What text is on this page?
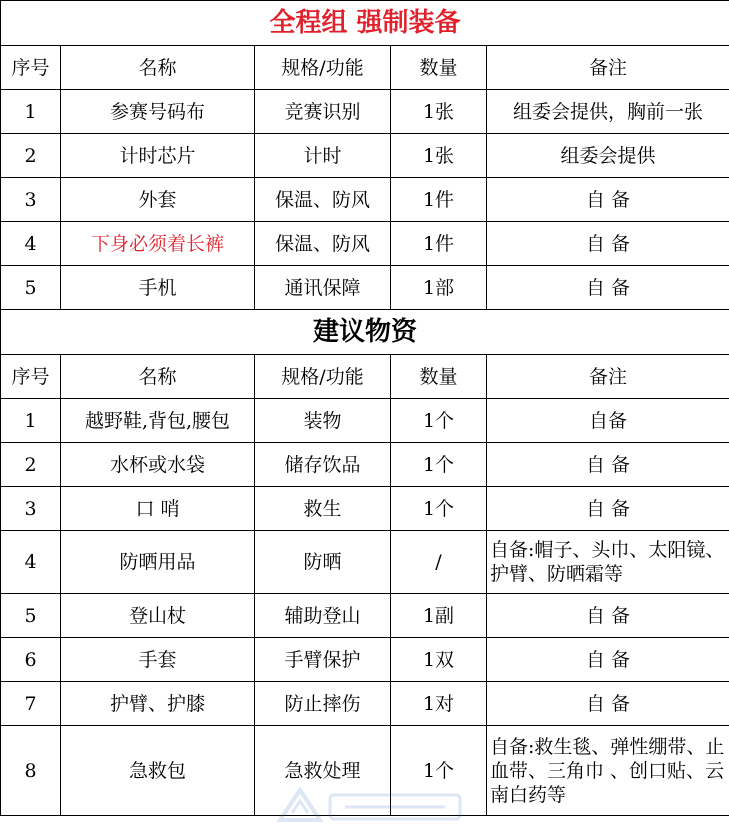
全程组 强制装备				
序号	名称	规格/功能	数量	备注
1	参赛号码布	竞赛识别	1张	组委会提供，胸前一张
2	计时芯片	计时	1张	组委会提供
3	外套	保温、防风	1件	自 备
4	下身必须着长裤	保温、防风	1件	自 备
5	手机	通讯保障	1部	自 备
建议物资				
序号	名称	规格/功能	数量	备注
1	越野鞋,背包,腰包	装物	1个	自备
2	水杯或水袋	储存饮品	1个	自 备
3	口 哨	救生	1个	自 备
4	防晒用品	防晒	/	自备:帽子、头巾、太阳镜、 护臂、防晒霜等
5	登山杖	辅助登山	1副	自 备
6	手套	手臂保护	1双	自 备
7	护臂、护膝	防止摔伤	1对	自 备
8	急救包	急救处理	1个	自备:救生毯、弹性绷带、止血带、三角巾 、创口贴、云南白药等
